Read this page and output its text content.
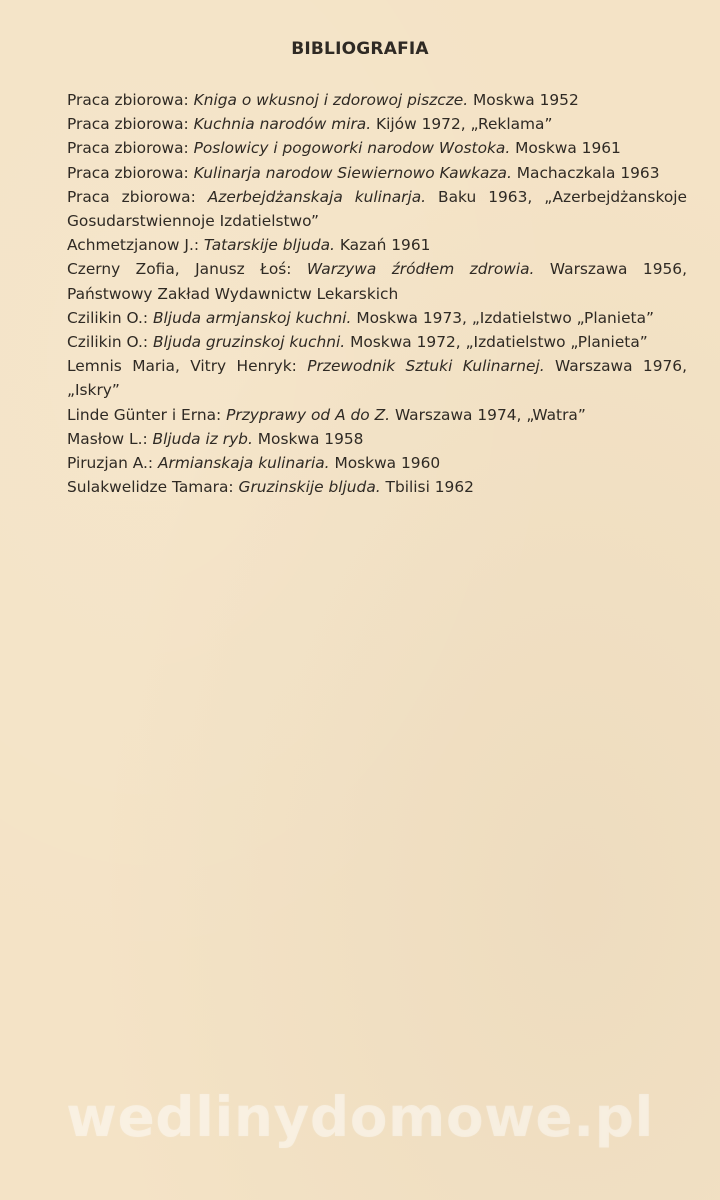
BIBLIOGRAFIA

Praca zbiorowa: Kniga o wkusnoj i zdorowoj piszcze. Moskwa 1952

Praca zbiorowa: Kuchnia narodów mira. Kijów 1972, „Reklama”

Praca zbiorowa: Poslowicy i pogoworki narodow Wostoka. Moskwa 1961

Praca zbiorowa: Kulinarja narodow Siewiernowo Kawkaza. Machaczkala 1963

Praca zbiorowa: Azerbejdżanskaja kulinarja. Baku 1963, „Azerbejdżanskoje Gosudarstwiennoje Izdatielstwo”

Achmetzjanow J.: Tatarskije bljuda. Kazań 1961

Czerny Zofia, Janusz Łoś: Warzywa źródłem zdrowia. Warszawa 1956, Państwowy Zakład Wydawnictw Lekarskich

Czilikin O.: Bljuda armjanskoj kuchni. Moskwa 1973, „Izdatielstwo „Planieta”

Czilikin O.: Bljuda gruzinskoj kuchni. Moskwa 1972, „Izdatielstwo „Planieta”

Lemnis Maria, Vitry Henryk: Przewodnik Sztuki Kulinarnej. Warszawa 1976, „Iskry”

Linde Günter i Erna: Przyprawy od A do Z. Warszawa 1974, „Watra”

Masłow L.: Bljuda iz ryb. Moskwa 1958

Piruzjan A.: Armianskaja kulinaria. Moskwa 1960

Sulakwelidze Tamara: Gruzinskije bljuda. Tbilisi 1962

wedlinydomowe.pl
